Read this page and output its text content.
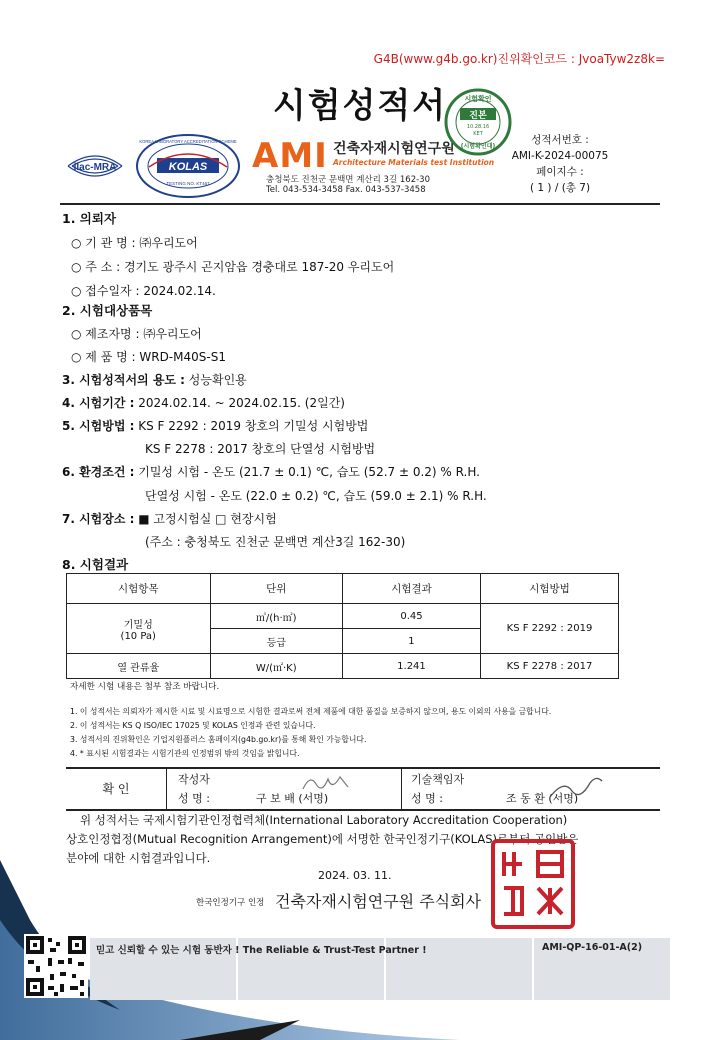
G4B(www.g4b.go.kr)진위확인코드 : JvoaTyw2z8k=
시험성적서
ilac-MRA	KOLAS
KOREA LABORATORY ACCREDITATION SCHEME
TESTING NO. KT467
AMI 건축자재시험연구원
Architecture Materials test Institution
충청북도 진천군 문백면 계산리 3길 162-30
Tel. 043-534-3458 Fax. 043-537-3458
시험확인
진본
10.28.16
KET
(시험확인대)
성적서번호 :
AMI-K-2024-00075
페이지수 :
( 1 ) / (총 7)
1. 의뢰자
○ 기 관 명 : ㈜우리도어
○ 주 소 : 경기도 광주시 곤지암읍 경충대로 187-20 우리도어
○ 접수일자 : 2024.02.14.
2. 시험대상품목
○ 제조자명 : ㈜우리도어
○ 제 품 명 : WRD-M40S-S1
3. 시험성적서의 용도 : 성능확인용
4. 시험기간 : 2024.02.14. ~ 2024.02.15. (2일간)
5. 시험방법 : KS F 2292 : 2019 창호의 기밀성 시험방법
KS F 2278 : 2017 창호의 단열성 시험방법
6. 환경조건 : 기밀성 시험 - 온도 (21.7 ± 0.1) ℃, 습도 (52.7 ± 0.2) % R.H.
단열성 시험 - 온도 (22.0 ± 0.2) ℃, 습도 (59.0 ± 2.1) % R.H.
7. 시험장소 : ■ 고정시험실 □ 현장시험
(주소 : 충청북도 진천군 문백면 계산3길 162-30)
8. 시험결과
시험항목	단위	시험결과	시험방법

기밀성
(10 Pa)	㎥/(h·㎡)	0.45	KS F 2292 : 2019
	등급	1	
열 관류율	W/(㎡·K)	1.241	KS F 2278 : 2017
자세한 시험 내용은 첨부 참조 바랍니다.
1. 이 성적서는 의뢰자가 제시한 시료 및 시료명으로 시험한 결과로써 전체 제품에 대한 품질을 보증하지 않으며, 용도 이외의 사용을 금합니다.
2. 이 성적서는 KS Q ISO/IEC 17025 및 KOLAS 인정과 관련 있습니다.
3. 성적서의 진위확인은 기업지원플러스 홈페이지(g4b.go.kr)를 통해 확인 가능합니다.
4. * 표시된 시험결과는 시험기관의 인정범위 밖의 것임을 밝힙니다.
확 인
작성자
성 명 :	구 보 배 (서명)
기술책임자
성 명 :	조 동 환 (서명)
위 성적서는 국제시험기관인정협력체(International Laboratory Accreditation Cooperation)
상호인정협정(Mutual Recognition Arrangement)에 서명한 한국인정기구(KOLAS)로부터 공인받은
분야에 대한 시험결과입니다.
2024. 03. 11.
한국인정기구 인정 건축자재시험연구원 주식회사
믿고 신뢰할 수 있는 시험 동반자 ! The Reliable & Trust-Test Partner !	AMI-QP-16-01-A(2)
